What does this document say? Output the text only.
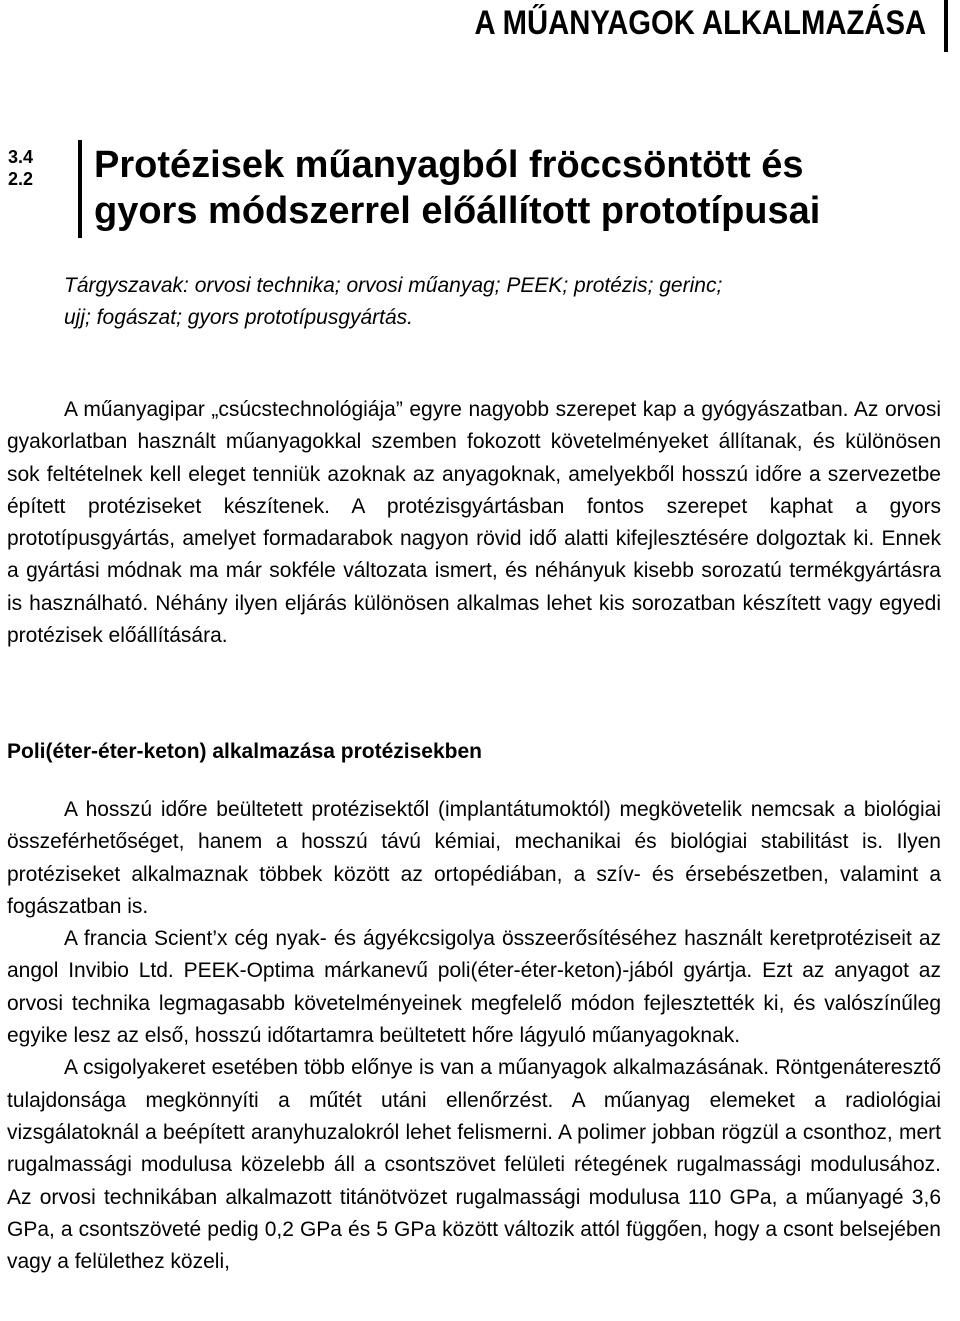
A MŰANYAGOK ALKALMAZÁSA
3.4
2.2 Protézisek műanyagból fröccsöntött és
gyors módszerrel előállított prototípusai

Tárgyszavak: orvosi technika; orvosi műanyag; PEEK; protézis; gerinc;
ujj; fogászat; gyors prototípusgyártás.

A műanyagipar „csúcstechnológiája” egyre nagyobb szerepet kap a gyógyászatban. Az orvosi gyakorlatban használt műanyagokkal szemben fokozott követelményeket állítanak, és különösen sok feltételnek kell eleget tenniük azoknak az anyagoknak, amelyekből hosszú időre a szervezetbe épített protéziseket készítenek. A protézisgyártásban fontos szerepet kaphat a gyors prototípusgyártás, amelyet formadarabok nagyon rövid idő alatti kifejlesztésére dolgoztak ki. Ennek a gyártási módnak ma már sokféle változata ismert, és néhányuk kisebb sorozatú termékgyártásra is használható. Néhány ilyen eljárás különösen alkalmas lehet kis sorozatban készített vagy egyedi protézisek előállítására.

Poli(éter-éter-keton) alkalmazása protézisekben

A hosszú időre beültetett protézisektől (implantátumoktól) megkövetelik nemcsak a biológiai összeférhetőséget, hanem a hosszú távú kémiai, mechanikai és biológiai stabilitást is. Ilyen protéziseket alkalmaznak többek között az ortopédiában, a szív- és érsebészetben, valamint a fogászatban is.

A francia Scient’x cég nyak- és ágyékcsigolya összeerősítéséhez használt keretprotéziseit az angol Invibio Ltd. PEEK-Optima márkanevű poli(éter-éter-keton)-jából gyártja. Ezt az anyagot az orvosi technika legmagasabb követelményeinek megfelelő módon fejlesztették ki, és valószínűleg egyike lesz az első, hosszú időtartamra beültetett hőre lágyuló műanyagoknak.

A csigolyakeret esetében több előnye is van a műanyagok alkalmazásának. Röntgenáteresztő tulajdonsága megkönnyíti a műtét utáni ellenőrzést. A műanyag elemeket a radiológiai vizsgálatoknál a beépített aranyhuzalokról lehet felismerni. A polimer jobban rögzül a csonthoz, mert rugalmassági modulusa közelebb áll a csontszövet felületi rétegének rugalmassági modulusához. Az orvosi technikában alkalmazott titánötvözet rugalmassági modulusa 110 GPa, a műanyagé 3,6 GPa, a csontszöveté pedig 0,2 GPa és 5 GPa között változik attól függően, hogy a csont belsejében vagy a felülethez közeli,
